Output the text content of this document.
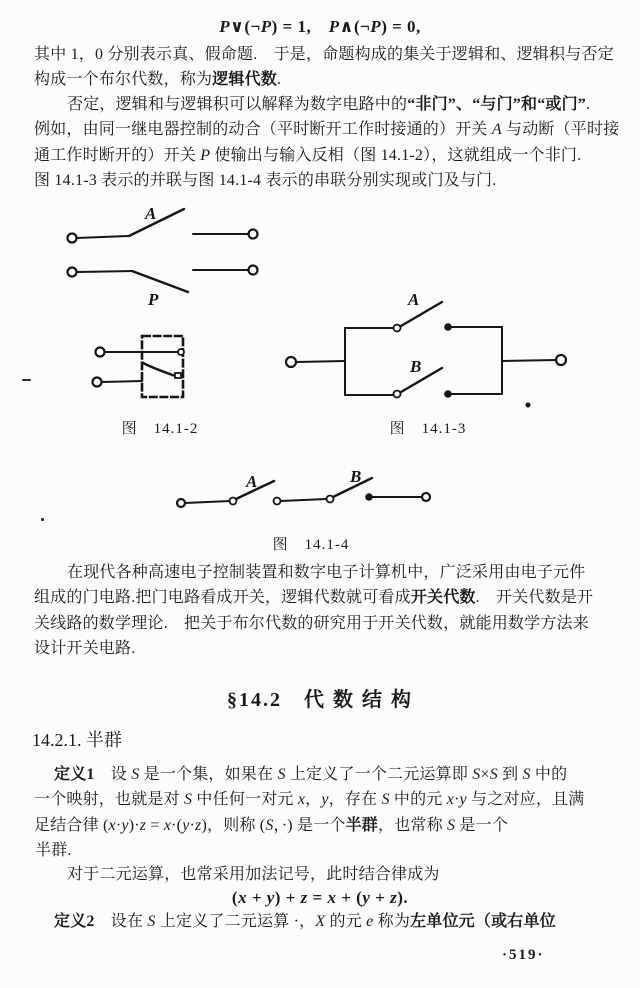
P∨(¬P) = 1,　P∧(¬P) = 0,
其中 1，0 分别表示真、假命题.　于是，命题构成的集关于逻辑和、逻辑积与否定
构成一个布尔代数，称为逻辑代数.
否定，逻辑和与逻辑积可以解释为数字电路中的“非门”、“与门”和“或门”.
例如，由同一继电器控制的动合（平时断开工作时接通的）开关 A 与动断（平时接
通工作时断开的）开关 P 使输出与输入反相（图 14.1-2），这就组成一个非门.
图 14.1-3 表示的并联与图 14.1-4 表示的串联分别实现或门及与门.
A
P	A
B
A	B
图　14.1-2	图　14.1-3
图　14.1-4
在现代各种高速电子控制装置和数字电子计算机中，广泛采用由电子元件
组成的门电路.把门电路看成开关，逻辑代数就可看成开关代数.　开关代数是开
关线路的数学理论.　把关于布尔代数的研究用于开关代数，就能用数学方法来
设计开关电路.
§14.2　代 数 结 构
14.2.1. 半群
定义1　设 S 是一个集，如果在 S 上定义了一个二元运算即 S×S 到 S 中的
一个映射，也就是对 S 中任何一对元 x，y，存在 S 中的元 x·y 与之对应，且满
足结合律 (x·y)·z = x·(y·z)，则称 (S，·) 是一个半群，也常称 S 是一个
半群.
对于二元运算，也常采用加法记号，此时结合律成为
(x + y) + z = x + (y + z).
定义2　设在 S 上定义了二元运算 ·，X 的元 e 称为左单位元（或右单位
·519·
